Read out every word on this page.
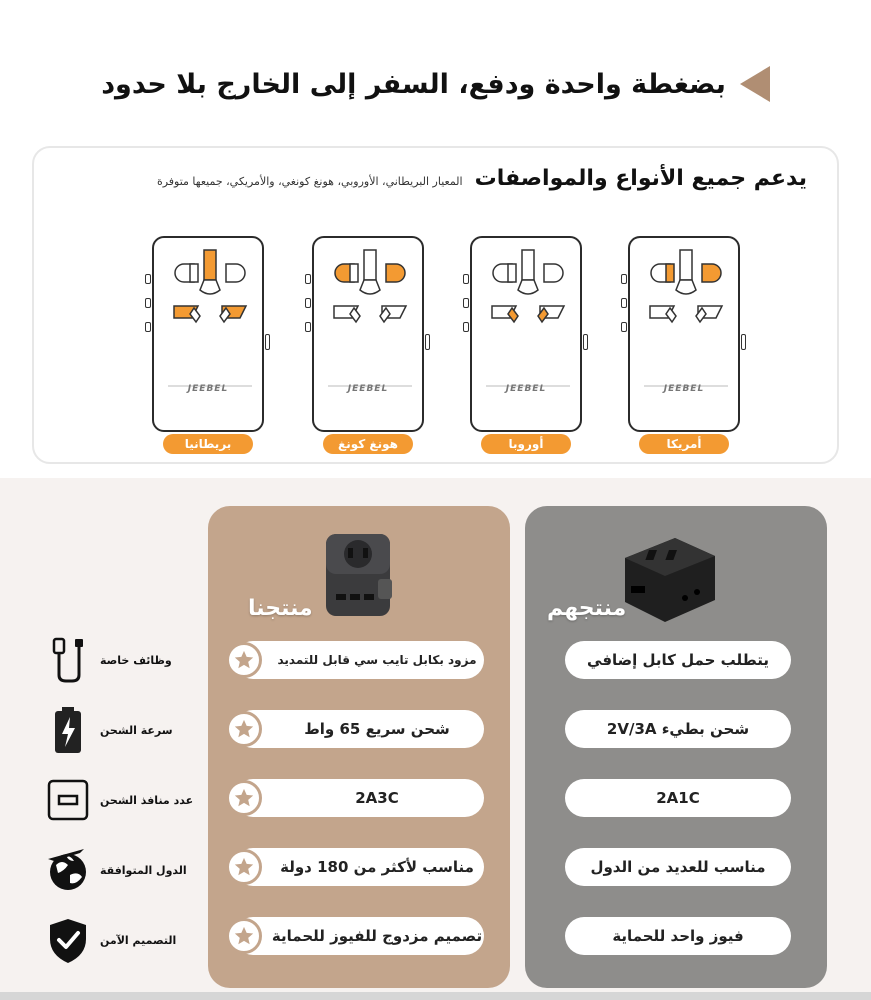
بضغطة واحدة ودفع، السفر إلى الخارج بلا حدود
يدعم جميع الأنواع والمواصفات
المعيار البريطاني، الأوروبي، هونغ كونغي، والأمريكي، جميعها متوفرة
JEEBEL
بريطانيا
JEEBEL
هونغ كونغ
JEEBEL
أوروبا
JEEBEL
أمريكا
وظائف خاصة
سرعة الشحن
عدد منافذ الشحن
الدول المتوافقة
التصميم الآمن
منتجنا
مزود بكابل تايب سي قابل للتمديد
شحن سريع 65 واط
2A3C
مناسب لأكثر من 180 دولة
تصميم مزدوج للفيوز للحماية
منتجهم
يتطلب حمل كابل إضافي
شحن بطيء 2V/3A
2A1C
مناسب للعديد من الدول
فيوز واحد للحماية
